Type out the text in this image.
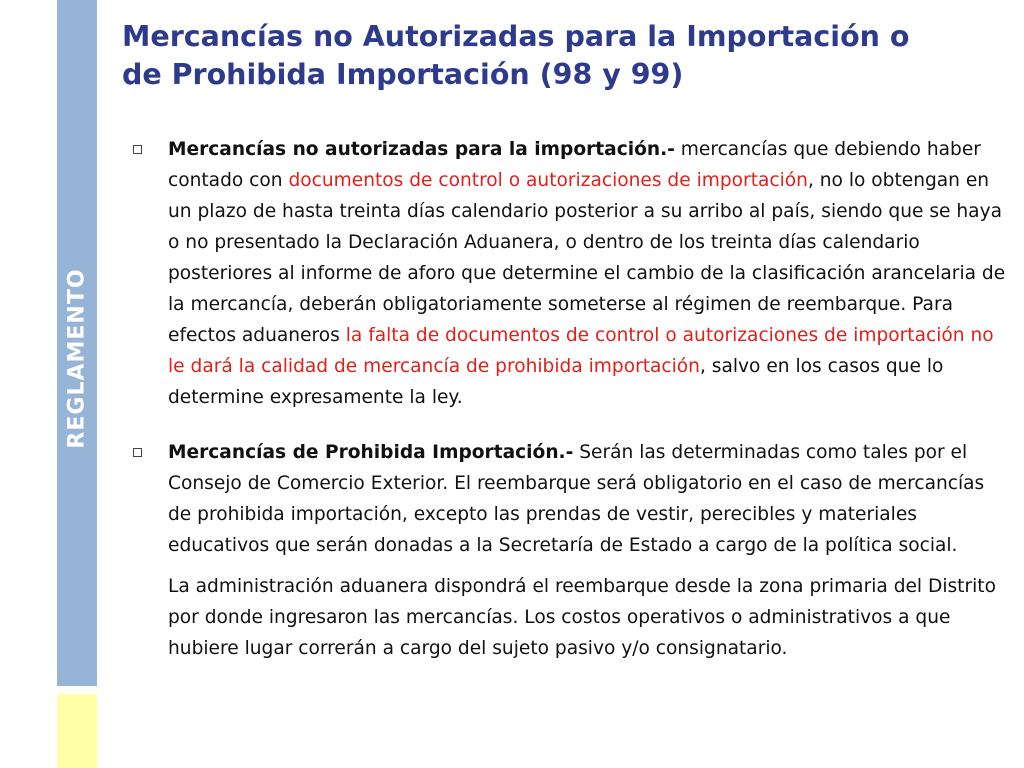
REGLAMENTO
Mercancías no Autorizadas para la Importación o
de Prohibida Importación (98 y 99)

Mercancías no autorizadas para la importación.- mercancías que debiendo haber contado con documentos de control o autorizaciones de importación, no lo obtengan en un plazo de hasta treinta días calendario posterior a su arribo al país, siendo que se haya o no presentado la Declaración Aduanera, o dentro de los treinta días calendario posteriores al informe de aforo que determine el cambio de la clasificación arancelaria de la mercancía, deberán obligatoriamente someterse al régimen de reembarque. Para efectos aduaneros la falta de documentos de control o autorizaciones de importación no le dará la calidad de mercancía de prohibida importación, salvo en los casos que lo determine expresamente la ley.

Mercancías de Prohibida Importación.- Serán las determinadas como tales por el Consejo de Comercio Exterior. El reembarque será obligatorio en el caso de mercancías de prohibida importación, excepto las prendas de vestir, perecibles y materiales educativos que serán donadas a la Secretaría de Estado a cargo de la política social.

La administración aduanera dispondrá el reembarque desde la zona primaria del Distrito por donde ingresaron las mercancías. Los costos operativos o administrativos a que hubiere lugar correrán a cargo del sujeto pasivo y/o consignatario.
